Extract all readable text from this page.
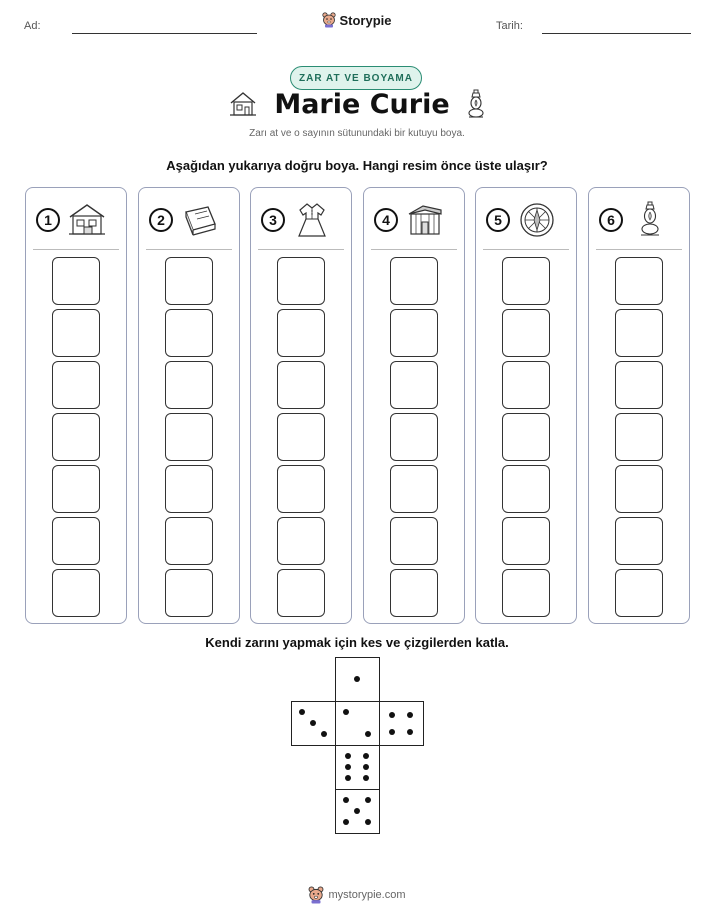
Ad:	Storypie	Tarih:
ZAR AT VE BOYAMA
Marie Curie
Zarı at ve o sayının sütunundaki bir kutuyu boya.
Aşağıdan yukarıya doğru boya. Hangi resim önce üste ulaşır?
1	2	3	4	5	6
Kendi zarını yapmak için kes ve çizgilerden katla.
mystorypie.com
